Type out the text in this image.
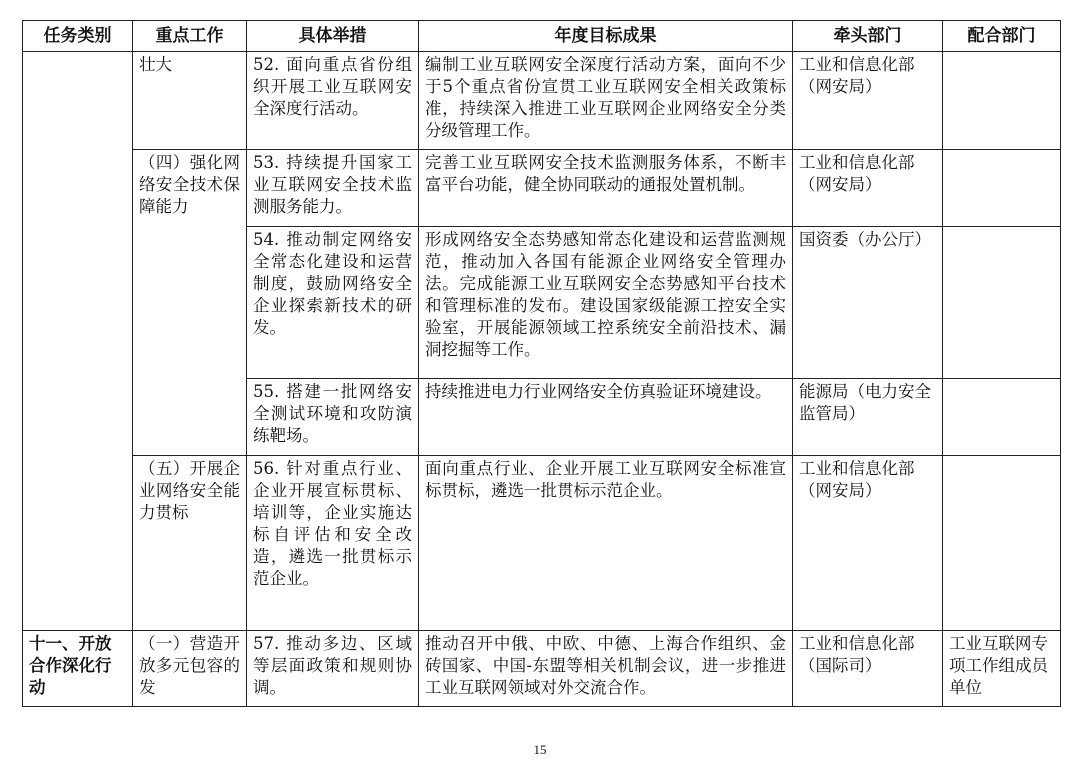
任务类别	重点工作	具体举措	年度目标成果	牵头部门	配合部门
	壮大	52. 面向重点省份组织开展工业互联网安全深度行活动。	编制工业互联网安全深度行活动方案，面向不少于5个重点省份宣贯工业互联网安全相关政策标准，持续深入推进工业互联网企业网络安全分类分级管理工作。	工业和信息化部（网安局）	
	（四）强化网络安全技术保障能力	53. 持续提升国家工业互联网安全技术监测服务能力。	完善工业互联网安全技术监测服务体系，不断丰富平台功能，健全协同联动的通报处置机制。	工业和信息化部（网安局）	
		54. 推动制定网络安全常态化建设和运营制度，鼓励网络安全企业探索新技术的研发。	形成网络安全态势感知常态化建设和运营监测规范，推动加入各国有能源企业网络安全管理办法。完成能源工业互联网安全态势感知平台技术和管理标准的发布。建设国家级能源工控安全实验室，开展能源领域工控系统安全前沿技术、漏洞挖掘等工作。	国资委（办公厅）	
		55. 搭建一批网络安全测试环境和攻防演练靶场。	持续推进电力行业网络安全仿真验证环境建设。	能源局（电力安全监管局）	
	（五）开展企业网络安全能力贯标	56. 针对重点行业、企业开展宣标贯标、培训等，企业实施达标自评估和安全改造，遴选一批贯标示范企业。	面向重点行业、企业开展工业互联网安全标准宣标贯标，遴选一批贯标示范企业。	工业和信息化部（网安局）	
十一、开放合作深化行动	（一）营造开放多元包容的发	57. 推动多边、区域等层面政策和规则协调。	推动召开中俄、中欧、中德、上海合作组织、金砖国家、中国-东盟等相关机制会议，进一步推进工业互联网领域对外交流合作。	工业和信息化部（国际司）	工业互联网专项工作组成员单位
15
